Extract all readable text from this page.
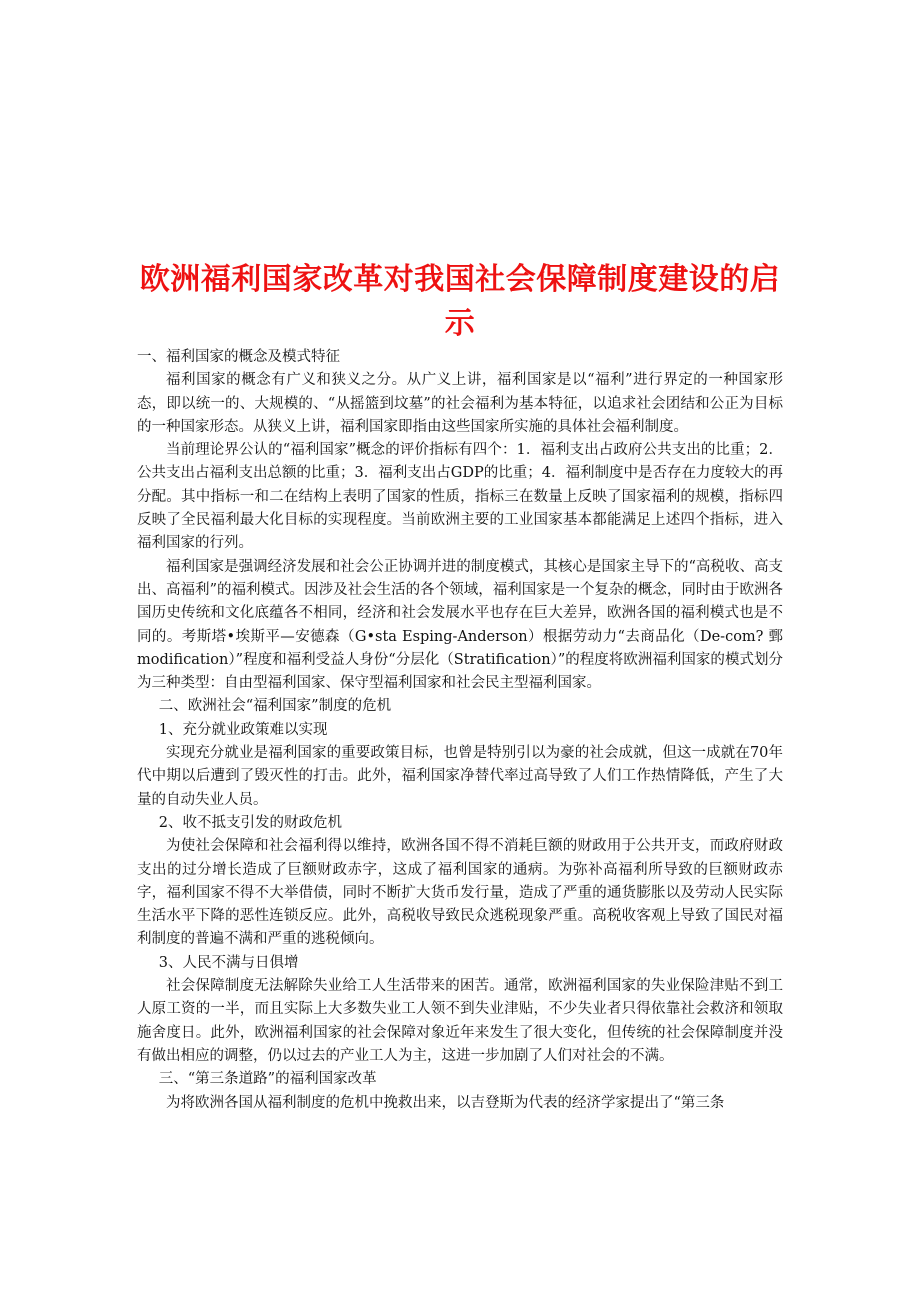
欧洲福利国家改革对我国社会保障制度建设的启示

一、福利国家的概念及模式特征

福利国家的概念有广义和狭义之分。从广义上讲，福利国家是以“福利”进行界定的一种国家形态，即以统一的、大规模的、“从摇篮到坟墓”的社会福利为基本特征，以追求社会团结和公正为目标的一种国家形态。从狭义上讲，福利国家即指由这些国家所实施的具体社会福利制度。

当前理论界公认的“福利国家”概念的评价指标有四个：1．福利支出占政府公共支出的比重；2．公共支出占福利支出总额的比重；3．福利支出占GDP的比重；4．福利制度中是否存在力度较大的再分配。其中指标一和二在结构上表明了国家的性质，指标三在数量上反映了国家福利的规模，指标四反映了全民福利最大化目标的实现程度。当前欧洲主要的工业国家基本都能满足上述四个指标，进入福利国家的行列。

福利国家是强调经济发展和社会公正协调并进的制度模式，其核心是国家主导下的“高税收、高支出、高福利”的福利模式。因涉及社会生活的各个领域，福利国家是一个复杂的概念，同时由于欧洲各国历史传统和文化底蕴各不相同，经济和社会发展水平也存在巨大差异，欧洲各国的福利模式也是不同的。考斯塔•埃斯平—安德森（G•sta Esping-Anderson）根据劳动力“去商品化（De-com? 鄄 modification）”程度和福利受益人身份“分层化（Stratification）”的程度将欧洲福利国家的模式划分为三种类型：自由型福利国家、保守型福利国家和社会民主型福利国家。

二、欧洲社会“福利国家”制度的危机

1、充分就业政策难以实现

实现充分就业是福利国家的重要政策目标，也曾是特别引以为豪的社会成就，但这一成就在70年代中期以后遭到了毁灭性的打击。此外，福利国家净替代率过高导致了人们工作热情降低，产生了大量的自动失业人员。

2、收不抵支引发的财政危机

为使社会保障和社会福利得以维持，欧洲各国不得不消耗巨额的财政用于公共开支，而政府财政支出的过分增长造成了巨额财政赤字，这成了福利国家的通病。为弥补高福利所导致的巨额财政赤字，福利国家不得不大举借债，同时不断扩大货币发行量，造成了严重的通货膨胀以及劳动人民实际生活水平下降的恶性连锁反应。此外，高税收导致民众逃税现象严重。高税收客观上导致了国民对福利制度的普遍不满和严重的逃税倾向。

3、人民不满与日俱增

社会保障制度无法解除失业给工人生活带来的困苦。通常，欧洲福利国家的失业保险津贴不到工人原工资的一半，而且实际上大多数失业工人领不到失业津贴，不少失业者只得依靠社会救济和领取施舍度日。此外，欧洲福利国家的社会保障对象近年来发生了很大变化，但传统的社会保障制度并没有做出相应的调整，仍以过去的产业工人为主，这进一步加剧了人们对社会的不满。

三、“第三条道路”的福利国家改革

为将欧洲各国从福利制度的危机中挽救出来，以吉登斯为代表的经济学家提出了“第三条
